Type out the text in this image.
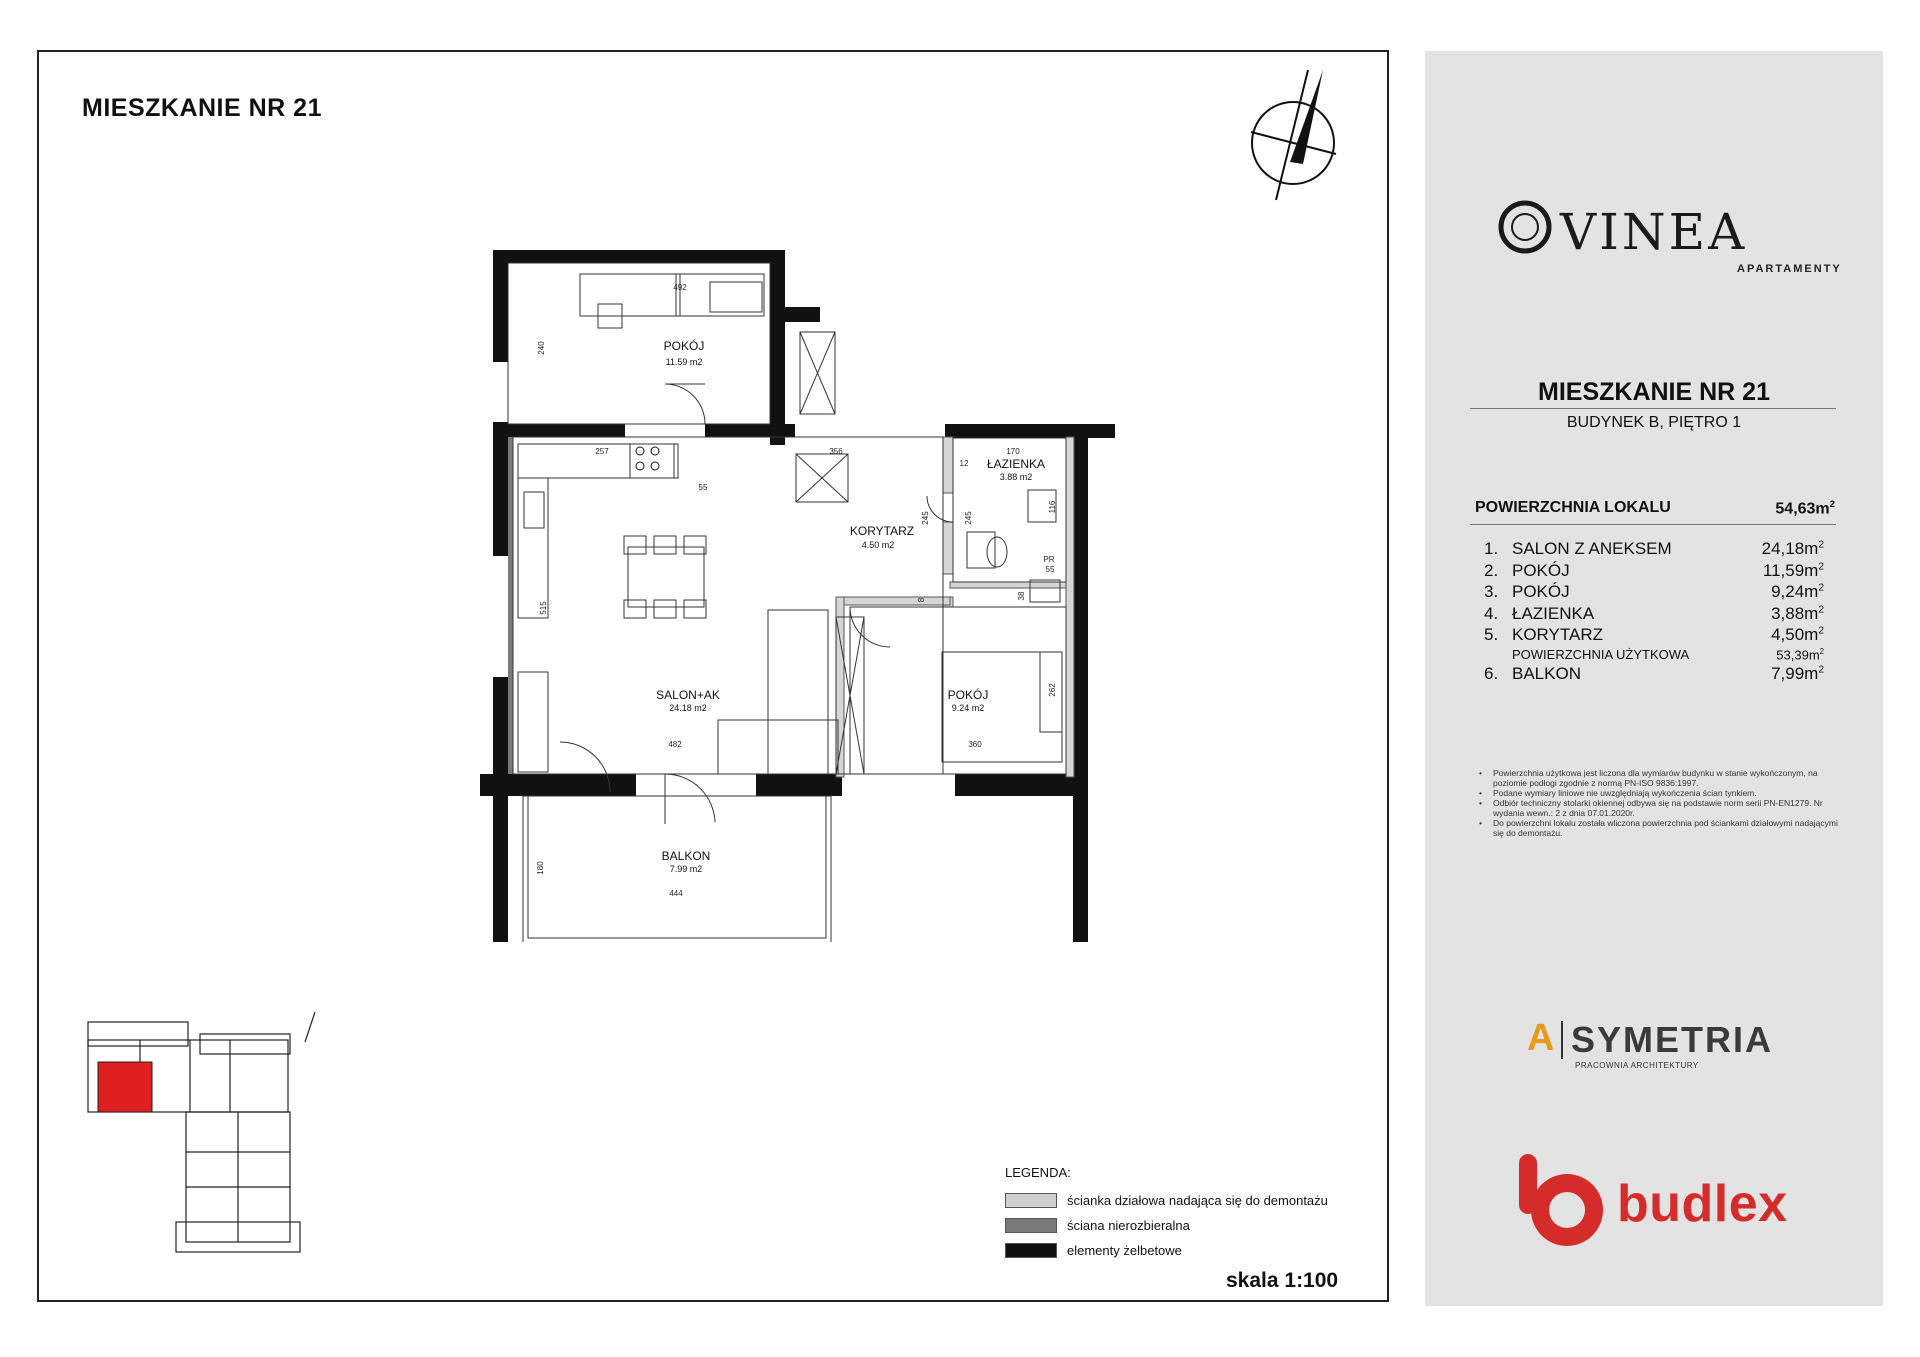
MIESZKANIE NR 21
POKÓJ
11.59 m2
ŁAZIENKA
3.88 m2
KORYTARZ
4.50 m2
SALON+AK
24.18 m2
POKÓJ
9.24 m2
BALKON
7.99 m2
492
240
257
55
356	170
12
245	245
515
482	360
8	38
PR
55
262
180
444
116
LEGENDA:
ścianka działowa nadająca się do demontażu
ściana nierozbieralna
elementy żelbetowe
skala 1:100
VINEA
APARTAMENTY
MIESZKANIE NR 21
BUDYNEK B, PIĘTRO 1
POWIERZCHNIA LOKALU	$54,63m^2$
1. SALON Z ANEKSEM	$24,18m^2$
2. POKÓJ	$11,59m^2$
3. POKÓJ	$9,24m^2$
4. ŁAZIENKA	$3,88m^2$
5. KORYTARZ	$4,50m^2$
POWIERZCHNIA UŻYTKOWA	$53,39m^2$
6. BALKON	$7,99m^2$
• Powierzchnia użytkowa jest liczona dla wymiarów budynku w stanie wykończonym, na poziomie podłogi zgodnie z normą PN-ISO 9836:1997.
• Podane wymiary liniowe nie uwzględniają wykończenia ścian tynkiem.
• Odbiór techniczny stolarki okiennej odbywa się na podstawie norm serii PN-EN1279. Nr wydania wewn.: 2 z dnia 07.01.2020r.
• Do powierzchni lokalu została wliczona powierzchnia pod ściankami działowymi nadającymi się do demontażu.
A SYMETRIA
PRACOWNIA ARCHITEKTURY
budlex
